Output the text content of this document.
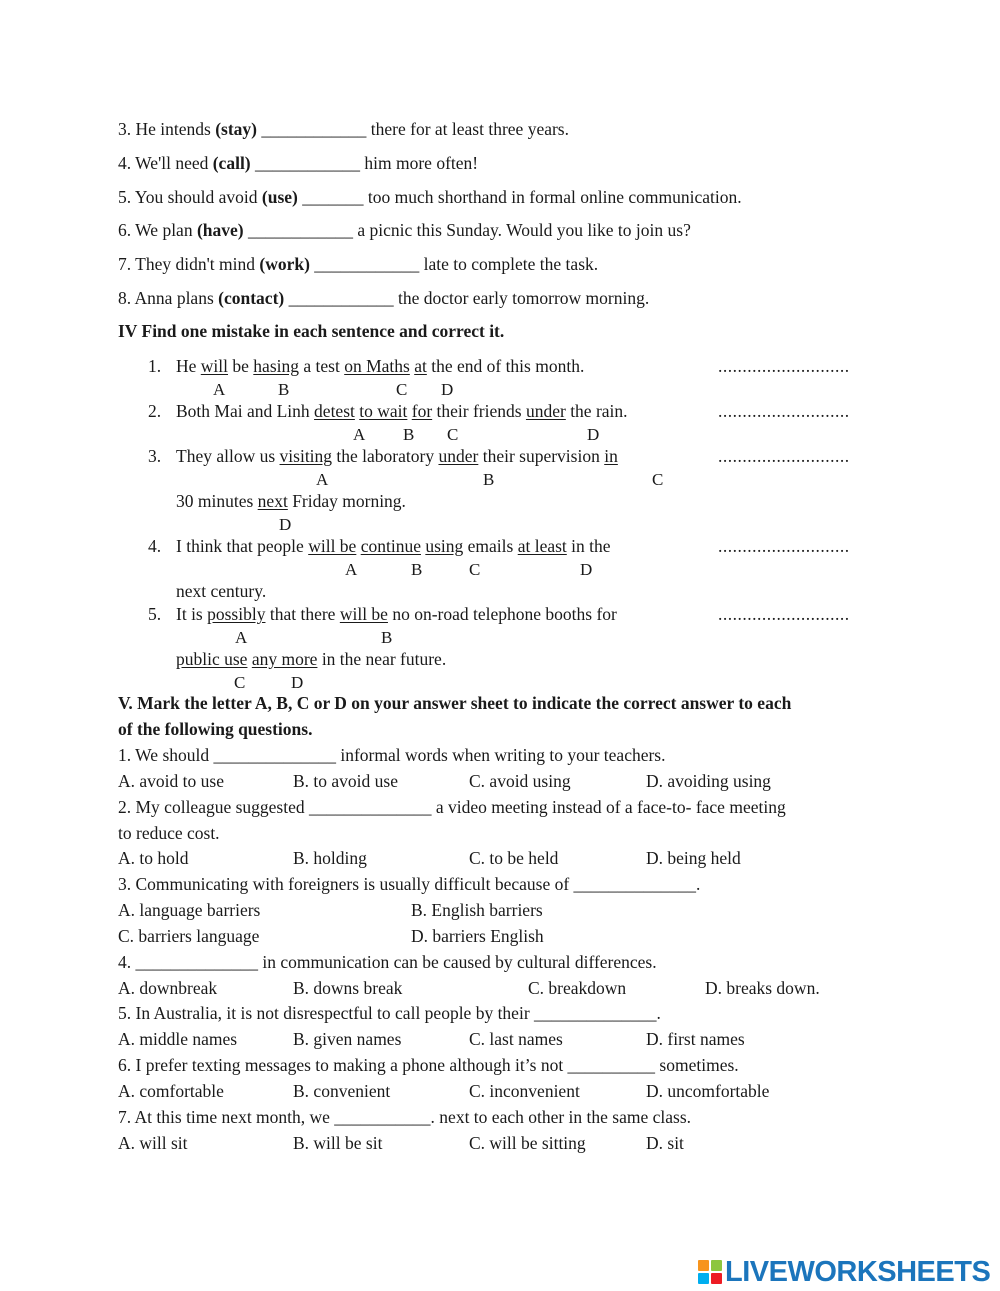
3. He intends (stay) ____________ there for at least three years.
4. We'll need (call) ____________ him more often!
5. You should avoid (use) _______ too much shorthand in formal online communication.
6. We plan (have) ____________ a picnic this Sunday. Would you like to join us?
7. They didn't mind (work) ____________ late to complete the task.
8. Anna plans (contact) ____________ the doctor early tomorrow morning.
IV Find one mistake in each sentence and correct it.
1. He will be hasing a test on Maths at the end of this month.	...........................
A	B	C D
2. Both Mai and Linh detest to wait for their friends under the rain.	...........................
A B C	D
3. They allow us visiting the laboratory under their supervision in	...........................
A	B	C
30 minutes next Friday morning.
D
4. I think that people will be continue using emails at least in the	...........................
A	B	C	D
next century.
5. It is possibly that there will be no on-road telephone booths for	...........................
A	B
public use any more in the near future.
C	D
V. Mark the letter A, B, C or D on your answer sheet to indicate the correct answer to each
of the following questions.
1. We should ______________ informal words when writing to your teachers.
A. avoid to use	B. to avoid use	C. avoid using	D. avoiding using
2. My colleague suggested ______________ a video meeting instead of a face-to- face meeting
to reduce cost.
A. to hold	B. holding	C. to be held	D. being held
3. Communicating with foreigners is usually difficult because of ______________.
A. language barriers	B. English barriers
C. barriers language	D. barriers English
4. ______________ in communication can be caused by cultural differences.
A. downbreak	B. downs break	C. breakdown	D. breaks down.
5. In Australia, it is not disrespectful to call people by their ______________.
A. middle names	B. given names	C. last names	D. first names
6. I prefer texting messages to making a phone although it’s not __________ sometimes.
A. comfortable	B. convenient	C. inconvenient	D. uncomfortable
7. At this time next month, we ___________. next to each other in the same class.
A. will sit	B. will be sit	C. will be sitting	D. sit
LIVEWORKSHEETS
